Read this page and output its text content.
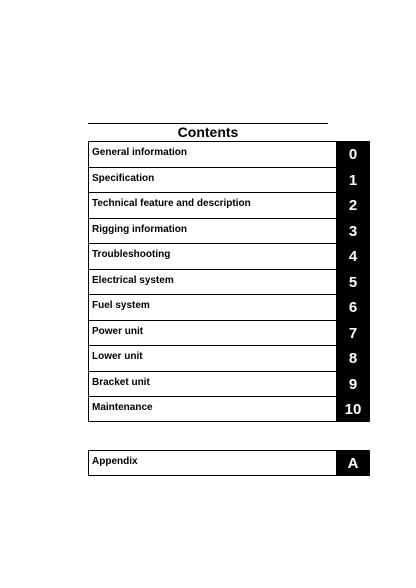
Contents
General information	0
Specification	1
Technical feature and description	2
Rigging information	3
Troubleshooting	4
Electrical system	5
Fuel system	6
Power unit	7
Lower unit	8
Bracket unit	9
Maintenance	10
Appendix	A
